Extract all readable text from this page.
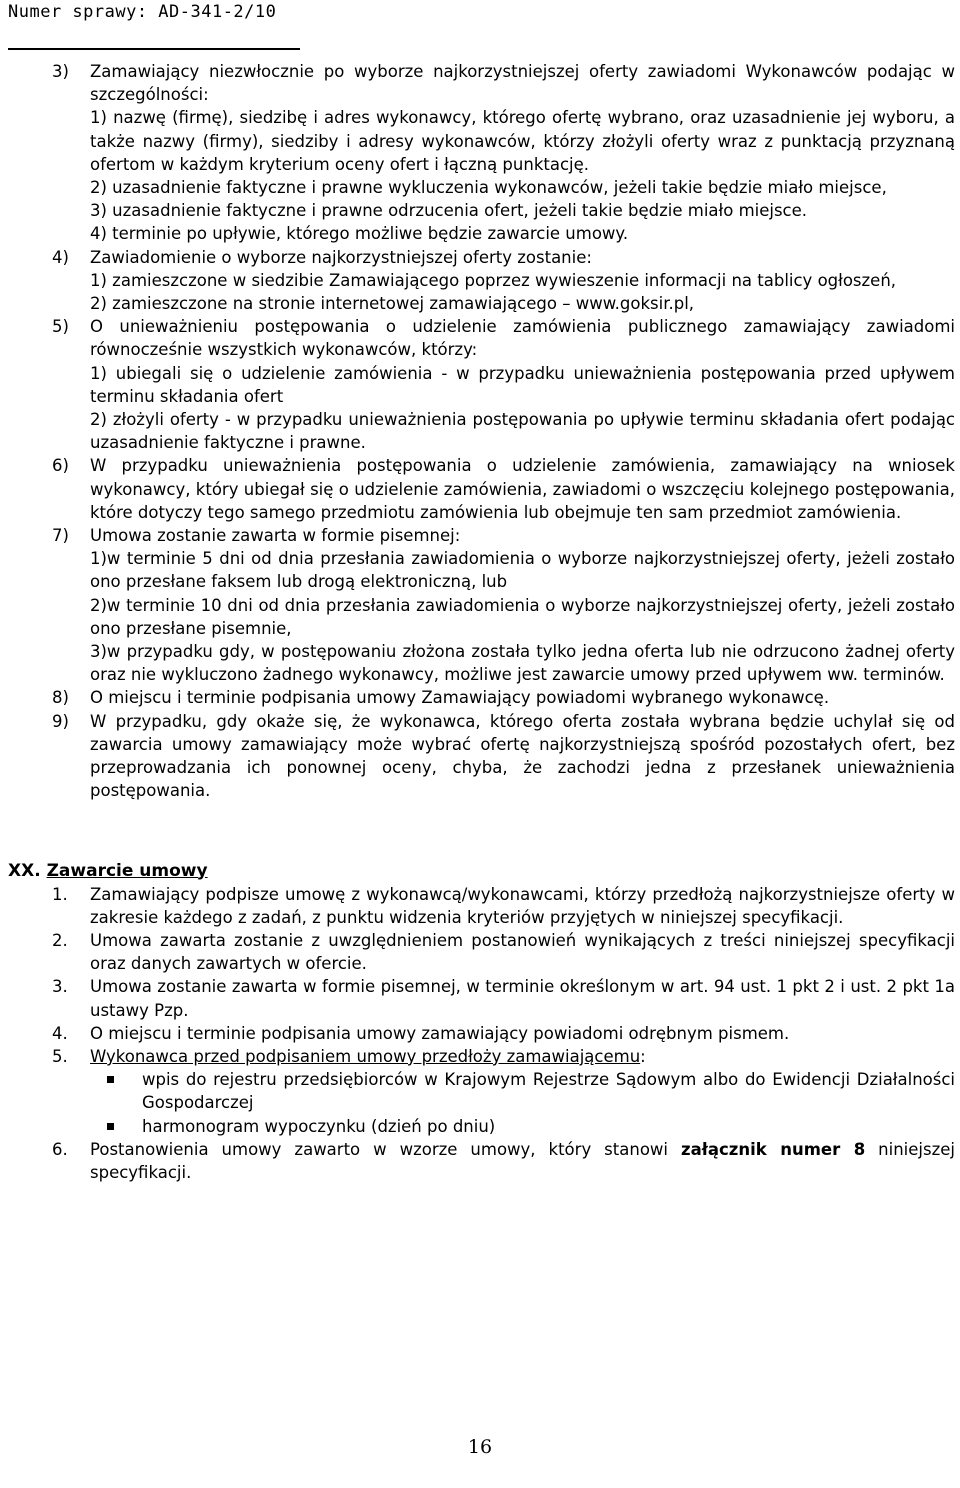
Numer sprawy: AD-341-2/10
3) Zamawiający niezwłocznie po wyborze najkorzystniejszej oferty zawiadomi Wykonawców podając w szczególności:
1) nazwę (firmę), siedzibę i adres wykonawcy, którego ofertę wybrano, oraz uzasadnienie jej wyboru, a także nazwy (firmy), siedziby i adresy wykonawców, którzy złożyli oferty wraz z punktacją przyznaną ofertom w każdym kryterium oceny ofert i łączną punktację.
2) uzasadnienie faktyczne i prawne wykluczenia wykonawców, jeżeli takie będzie miało miejsce,
3) uzasadnienie faktyczne i prawne odrzucenia ofert, jeżeli takie będzie miało miejsce.
4) terminie po upływie, którego możliwe będzie zawarcie umowy.
4) Zawiadomienie o wyborze najkorzystniejszej oferty zostanie:
1) zamieszczone w siedzibie Zamawiającego poprzez wywieszenie informacji na tablicy ogłoszeń,
2) zamieszczone na stronie internetowej zamawiającego – www.goksir.pl,
5) O unieważnieniu postępowania o udzielenie zamówienia publicznego zamawiający zawiadomi równocześnie wszystkich wykonawców, którzy:
1) ubiegali się o udzielenie zamówienia - w przypadku unieważnienia postępowania przed upływem terminu składania ofert
2) złożyli oferty - w przypadku unieważnienia postępowania po upływie terminu składania ofert podając uzasadnienie faktyczne i prawne.
6) W przypadku unieważnienia postępowania o udzielenie zamówienia, zamawiający na wniosek wykonawcy, który ubiegał się o udzielenie zamówienia, zawiadomi o wszczęciu kolejnego postępowania, które dotyczy tego samego przedmiotu zamówienia lub obejmuje ten sam przedmiot zamówienia.
7) Umowa zostanie zawarta w formie pisemnej:
1)w terminie 5 dni od dnia przesłania zawiadomienia o wyborze najkorzystniejszej oferty, jeżeli zostało ono przesłane faksem lub drogą elektroniczną, lub
2)w terminie 10 dni od dnia przesłania zawiadomienia o wyborze najkorzystniejszej oferty, jeżeli zostało ono przesłane pisemnie,
3)w przypadku gdy, w postępowaniu złożona została tylko jedna oferta lub nie odrzucono żadnej oferty oraz nie wykluczono żadnego wykonawcy, możliwe jest zawarcie umowy przed upływem ww. terminów.
8) O miejscu i terminie podpisania umowy Zamawiający powiadomi wybranego wykonawcę.
9) W przypadku, gdy okaże się, że wykonawca, którego oferta została wybrana będzie uchylał się od zawarcia umowy zamawiający może wybrać ofertę najkorzystniejszą spośród pozostałych ofert, bez przeprowadzania ich ponownej oceny, chyba, że zachodzi jedna z przesłanek unieważnienia postępowania.
XX. Zawarcie umowy
1. Zamawiający podpisze umowę z wykonawcą/wykonawcami, którzy przedłożą najkorzystniejsze oferty w zakresie każdego z zadań, z punktu widzenia kryteriów przyjętych w niniejszej specyfikacji.
2. Umowa zawarta zostanie z uwzględnieniem postanowień wynikających z treści niniejszej specyfikacji oraz danych zawartych w ofercie.
3. Umowa zostanie zawarta w formie pisemnej, w terminie określonym w art. 94 ust. 1 pkt 2 i ust. 2 pkt 1a ustawy Pzp.
4. O miejscu i terminie podpisania umowy zamawiający powiadomi odrębnym pismem.
5. Wykonawca przed podpisaniem umowy przedłoży zamawiającemu:
wpis do rejestru przedsiębiorców w Krajowym Rejestrze Sądowym albo do Ewidencji Działalności Gospodarczej
harmonogram wypoczynku (dzień po dniu)
6. Postanowienia umowy zawarto w wzorze umowy, który stanowi załącznik numer 8 niniejszej specyfikacji.
16
